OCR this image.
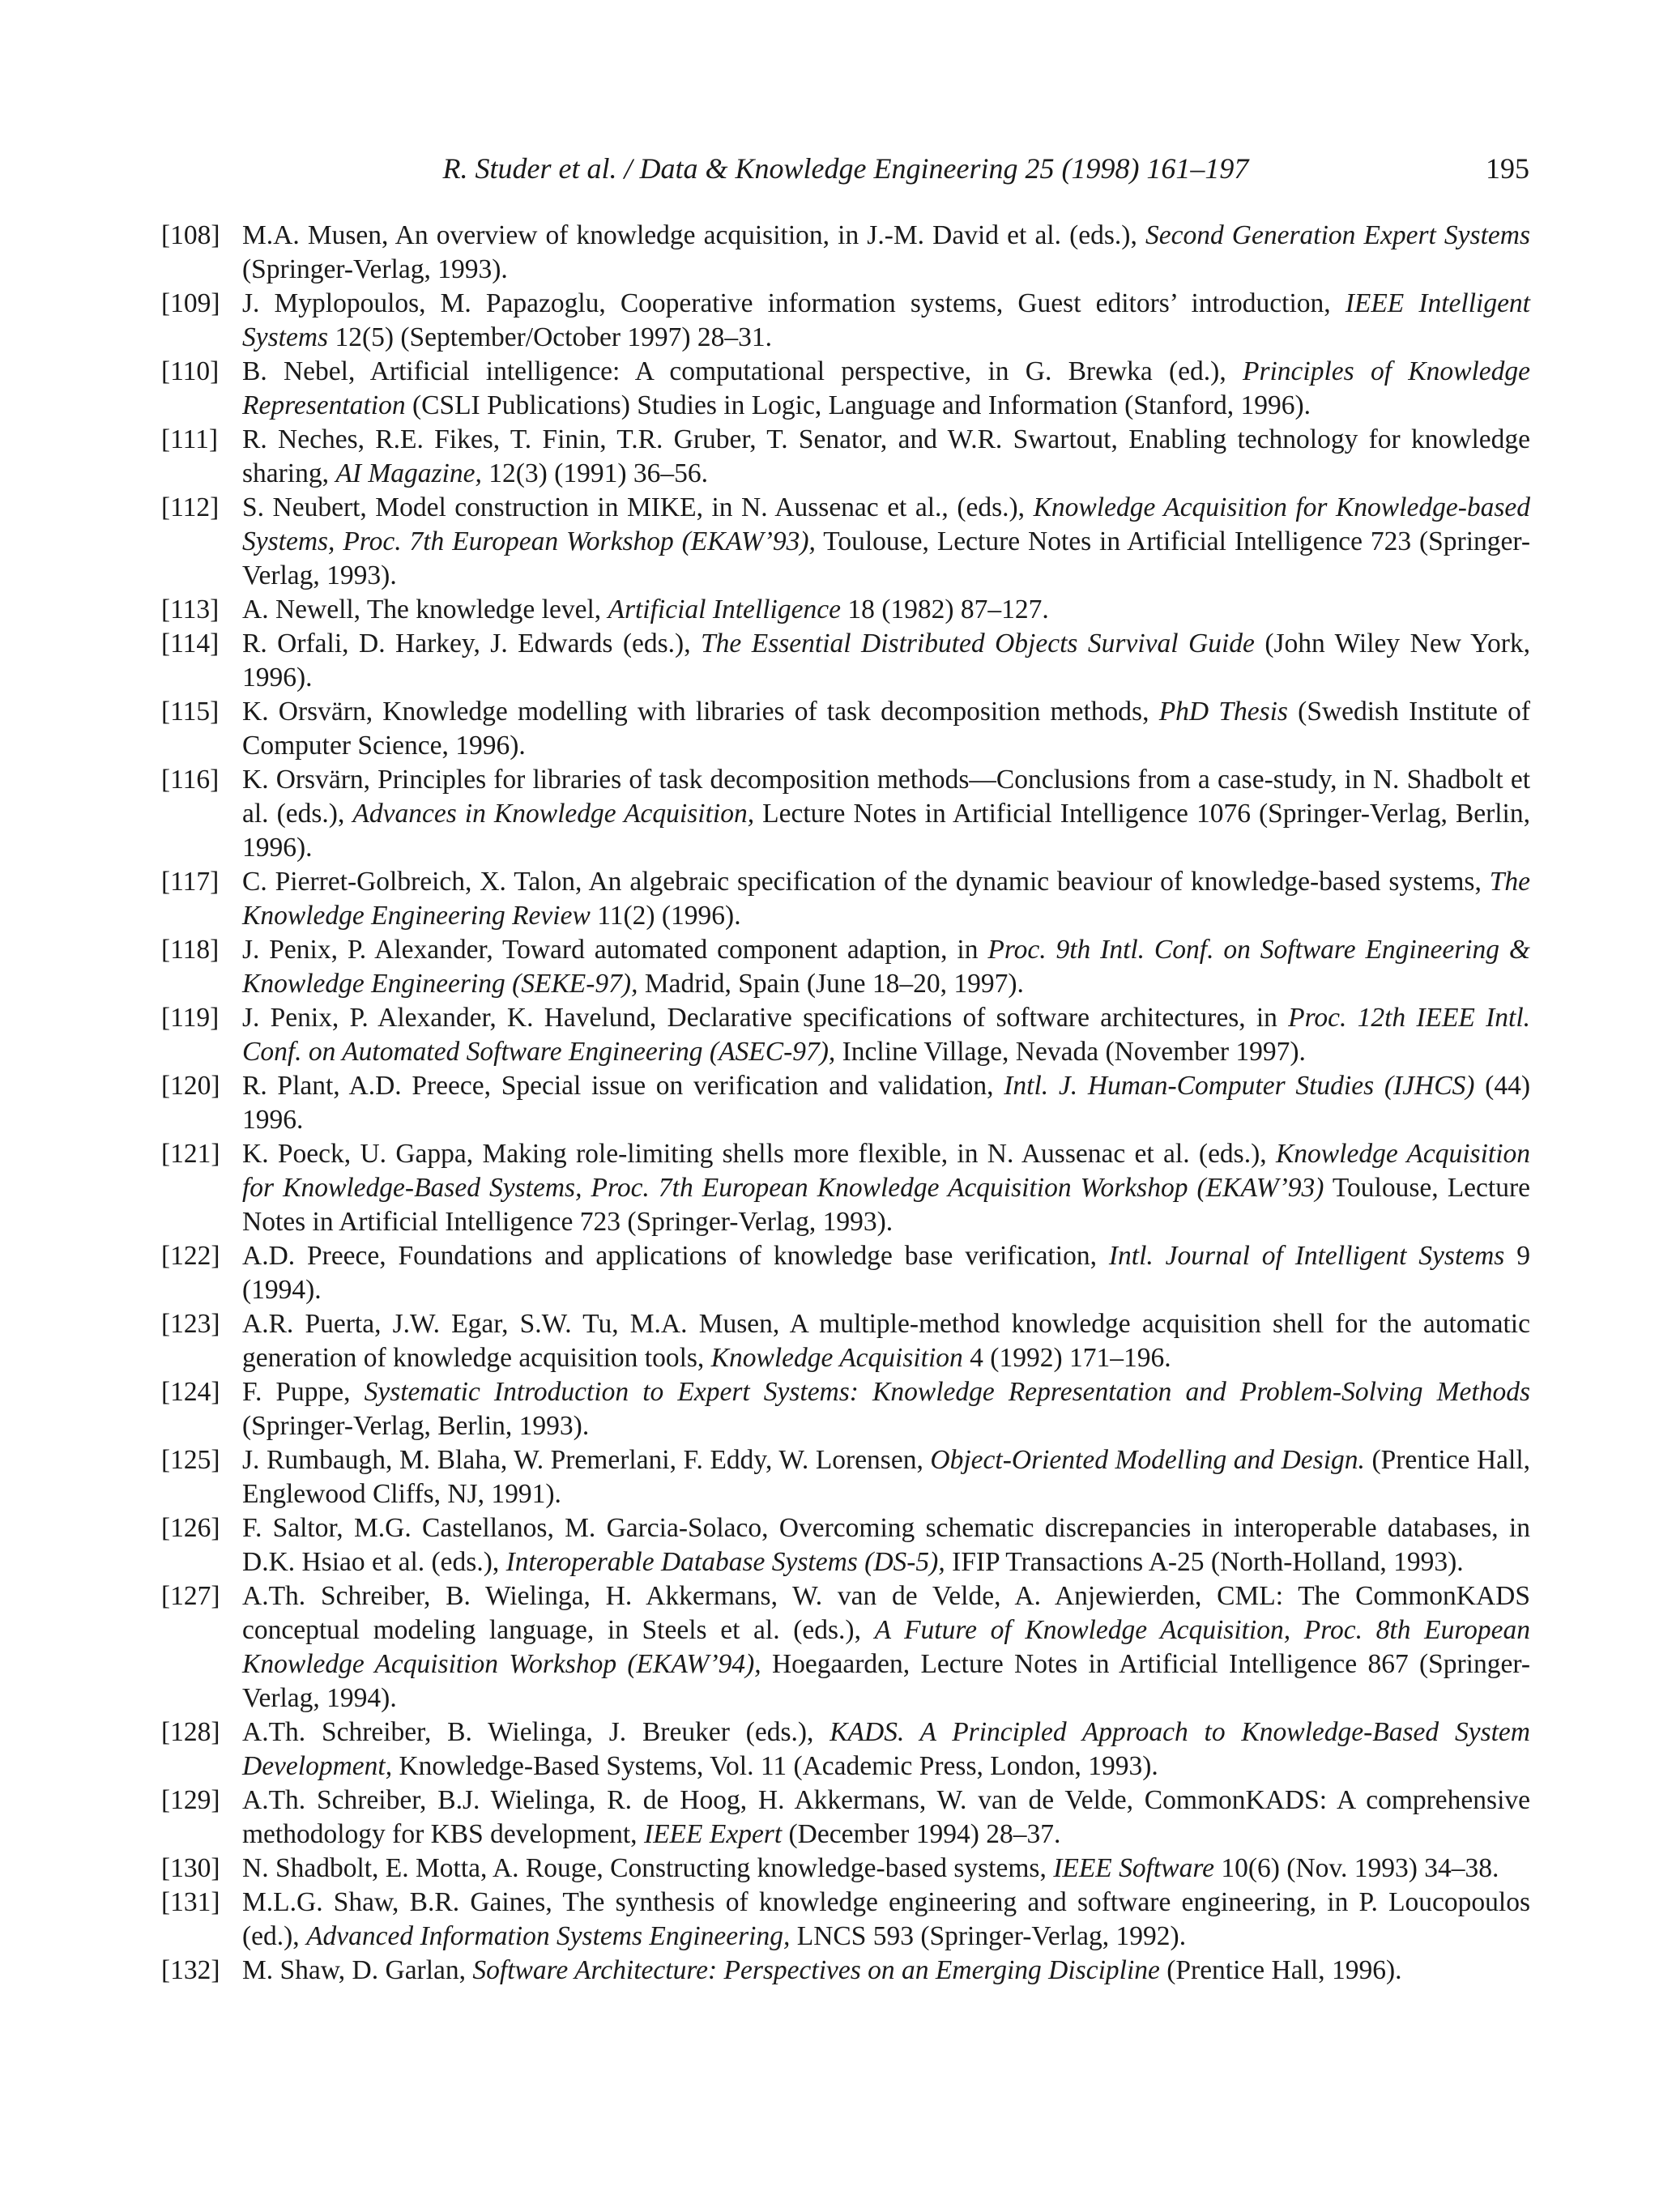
R. Studer et al. / Data & Knowledge Engineering 25 (1998) 161–197	195
[108] M.A. Musen, An overview of knowledge acquisition, in J.-M. David et al. (eds.), Second Generation Expert Systems (Springer-Verlag, 1993).
[109] J. Myplopoulos, M. Papazoglu, Cooperative information systems, Guest editors’ introduction, IEEE Intelligent Systems 12(5) (September/October 1997) 28–31.
[110] B. Nebel, Artificial intelligence: A computational perspective, in G. Brewka (ed.), Principles of Knowledge Representation (CSLI Publications) Studies in Logic, Language and Information (Stanford, 1996).
[111] R. Neches, R.E. Fikes, T. Finin, T.R. Gruber, T. Senator, and W.R. Swartout, Enabling technology for knowledge sharing, AI Magazine, 12(3) (1991) 36–56.
[112] S. Neubert, Model construction in MIKE, in N. Aussenac et al., (eds.), Knowledge Acquisition for Knowledge-based Systems, Proc. 7th European Workshop (EKAW’93), Toulouse, Lecture Notes in Artificial Intelligence 723 (Springer-Verlag, 1993).
[113] A. Newell, The knowledge level, Artificial Intelligence 18 (1982) 87–127.
[114] R. Orfali, D. Harkey, J. Edwards (eds.), The Essential Distributed Objects Survival Guide (John Wiley New York, 1996).
[115] K. Orsvärn, Knowledge modelling with libraries of task decomposition methods, PhD Thesis (Swedish Institute of Computer Science, 1996).
[116] K. Orsvärn, Principles for libraries of task decomposition methods—Conclusions from a case-study, in N. Shadbolt et al. (eds.), Advances in Knowledge Acquisition, Lecture Notes in Artificial Intelligence 1076 (Springer-Verlag, Berlin, 1996).
[117] C. Pierret-Golbreich, X. Talon, An algebraic specification of the dynamic beaviour of knowledge-based systems, The Knowledge Engineering Review 11(2) (1996).
[118] J. Penix, P. Alexander, Toward automated component adaption, in Proc. 9th Intl. Conf. on Software Engineering & Knowledge Engineering (SEKE-97), Madrid, Spain (June 18–20, 1997).
[119] J. Penix, P. Alexander, K. Havelund, Declarative specifications of software architectures, in Proc. 12th IEEE Intl. Conf. on Automated Software Engineering (ASEC-97), Incline Village, Nevada (November 1997).
[120] R. Plant, A.D. Preece, Special issue on verification and validation, Intl. J. Human-Computer Studies (IJHCS) (44) 1996.
[121] K. Poeck, U. Gappa, Making role-limiting shells more flexible, in N. Aussenac et al. (eds.), Knowledge Acquisition for Knowledge-Based Systems, Proc. 7th European Knowledge Acquisition Workshop (EKAW’93) Toulouse, Lecture Notes in Artificial Intelligence 723 (Springer-Verlag, 1993).
[122] A.D. Preece, Foundations and applications of knowledge base verification, Intl. Journal of Intelligent Systems 9 (1994).
[123] A.R. Puerta, J.W. Egar, S.W. Tu, M.A. Musen, A multiple-method knowledge acquisition shell for the automatic generation of knowledge acquisition tools, Knowledge Acquisition 4 (1992) 171–196.
[124] F. Puppe, Systematic Introduction to Expert Systems: Knowledge Representation and Problem-Solving Methods (Springer-Verlag, Berlin, 1993).
[125] J. Rumbaugh, M. Blaha, W. Premerlani, F. Eddy, W. Lorensen, Object-Oriented Modelling and Design. (Prentice Hall, Englewood Cliffs, NJ, 1991).
[126] F. Saltor, M.G. Castellanos, M. Garcia-Solaco, Overcoming schematic discrepancies in interoperable databases, in D.K. Hsiao et al. (eds.), Interoperable Database Systems (DS-5), IFIP Transactions A-25 (North-Holland, 1993).
[127] A.Th. Schreiber, B. Wielinga, H. Akkermans, W. van de Velde, A. Anjewierden, CML: The CommonKADS conceptual modeling language, in Steels et al. (eds.), A Future of Knowledge Acquisition, Proc. 8th European Knowledge Acquisition Workshop (EKAW’94), Hoegaarden, Lecture Notes in Artificial Intelligence 867 (Springer-Verlag, 1994).
[128] A.Th. Schreiber, B. Wielinga, J. Breuker (eds.), KADS. A Principled Approach to Knowledge-Based System Development, Knowledge-Based Systems, Vol. 11 (Academic Press, London, 1993).
[129] A.Th. Schreiber, B.J. Wielinga, R. de Hoog, H. Akkermans, W. van de Velde, CommonKADS: A comprehensive methodology for KBS development, IEEE Expert (December 1994) 28–37.
[130] N. Shadbolt, E. Motta, A. Rouge, Constructing knowledge-based systems, IEEE Software 10(6) (Nov. 1993) 34–38.
[131] M.L.G. Shaw, B.R. Gaines, The synthesis of knowledge engineering and software engineering, in P. Loucopoulos (ed.), Advanced Information Systems Engineering, LNCS 593 (Springer-Verlag, 1992).
[132] M. Shaw, D. Garlan, Software Architecture: Perspectives on an Emerging Discipline (Prentice Hall, 1996).
